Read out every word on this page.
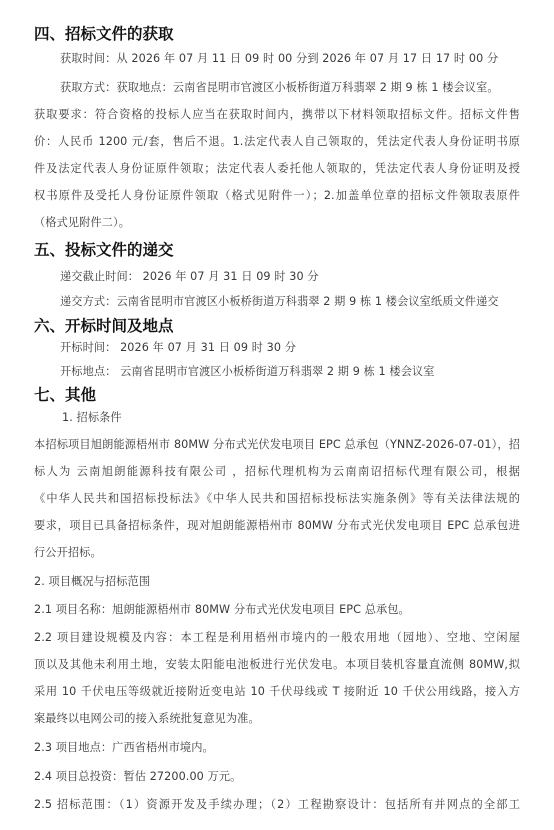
四、招标文件的获取
获取时间：从 2026 年 07 月 11 日 09 时 00 分到 2026 年 07 月 17 日 17 时 00 分
获取方式：获取地点：云南省昆明市官渡区小板桥街道万科翡翠 2 期 9 栋 1 楼会议室。
获取要求：符合资格的投标人应当在获取时间内，携带以下材料领取招标文件。招标文件售
价：人民币 1200 元/套，售后不退。1.法定代表人自己领取的，凭法定代表人身份证明书原
件及法定代表人身份证原件领取；法定代表人委托他人领取的，凭法定代表人身份证明及授
权书原件及受托人身份证原件领取（格式见附件一）；2.加盖单位章的招标文件领取表原件
（格式见附件二）。
五、投标文件的递交
递交截止时间： 2026 年 07 月 31 日 09 时 30 分
递交方式：云南省昆明市官渡区小板桥街道万科翡翠 2 期 9 栋 1 楼会议室纸质文件递交
六、开标时间及地点
开标时间： 2026 年 07 月 31 日 09 时 30 分
开标地点： 云南省昆明市官渡区小板桥街道万科翡翠 2 期 9 栋 1 楼会议室
七、其他
1. 招标条件
本招标项目旭朗能源梧州市 80MW 分布式光伏发电项目 EPC 总承包（YNNZ-2026-07-01），招
标人为 云南旭朗能源科技有限公司 ，招标代理机构为云南南诏招标代理有限公司，根据
《中华人民共和国招标投标法》《中华人民共和国招标投标法实施条例》等有关法律法规的
要求，项目已具备招标条件，现对旭朗能源梧州市 80MW 分布式光伏发电项目 EPC 总承包进
行公开招标。
2. 项目概况与招标范围
2.1 项目名称：旭朗能源梧州市 80MW 分布式光伏发电项目 EPC 总承包。
2.2 项目建设规模及内容：本工程是利用梧州市境内的一般农用地（园地）、空地、空闲屋
顶以及其他未利用土地，安装太阳能电池板进行光伏发电。本项目装机容量直流侧 80MW,拟
采用 10 千伏电压等级就近接附近变电站 10 千伏母线或 T 接附近 10 千伏公用线路，接入方
案最终以电网公司的接入系统批复意见为准。
2.3 项目地点：广西省梧州市境内。
2.4 项目总投资：暂估 27200.00 万元。
2.5 招标范围：（1）资源开发及手续办理；（2）工程勘察设计：包括所有并网点的全部工
